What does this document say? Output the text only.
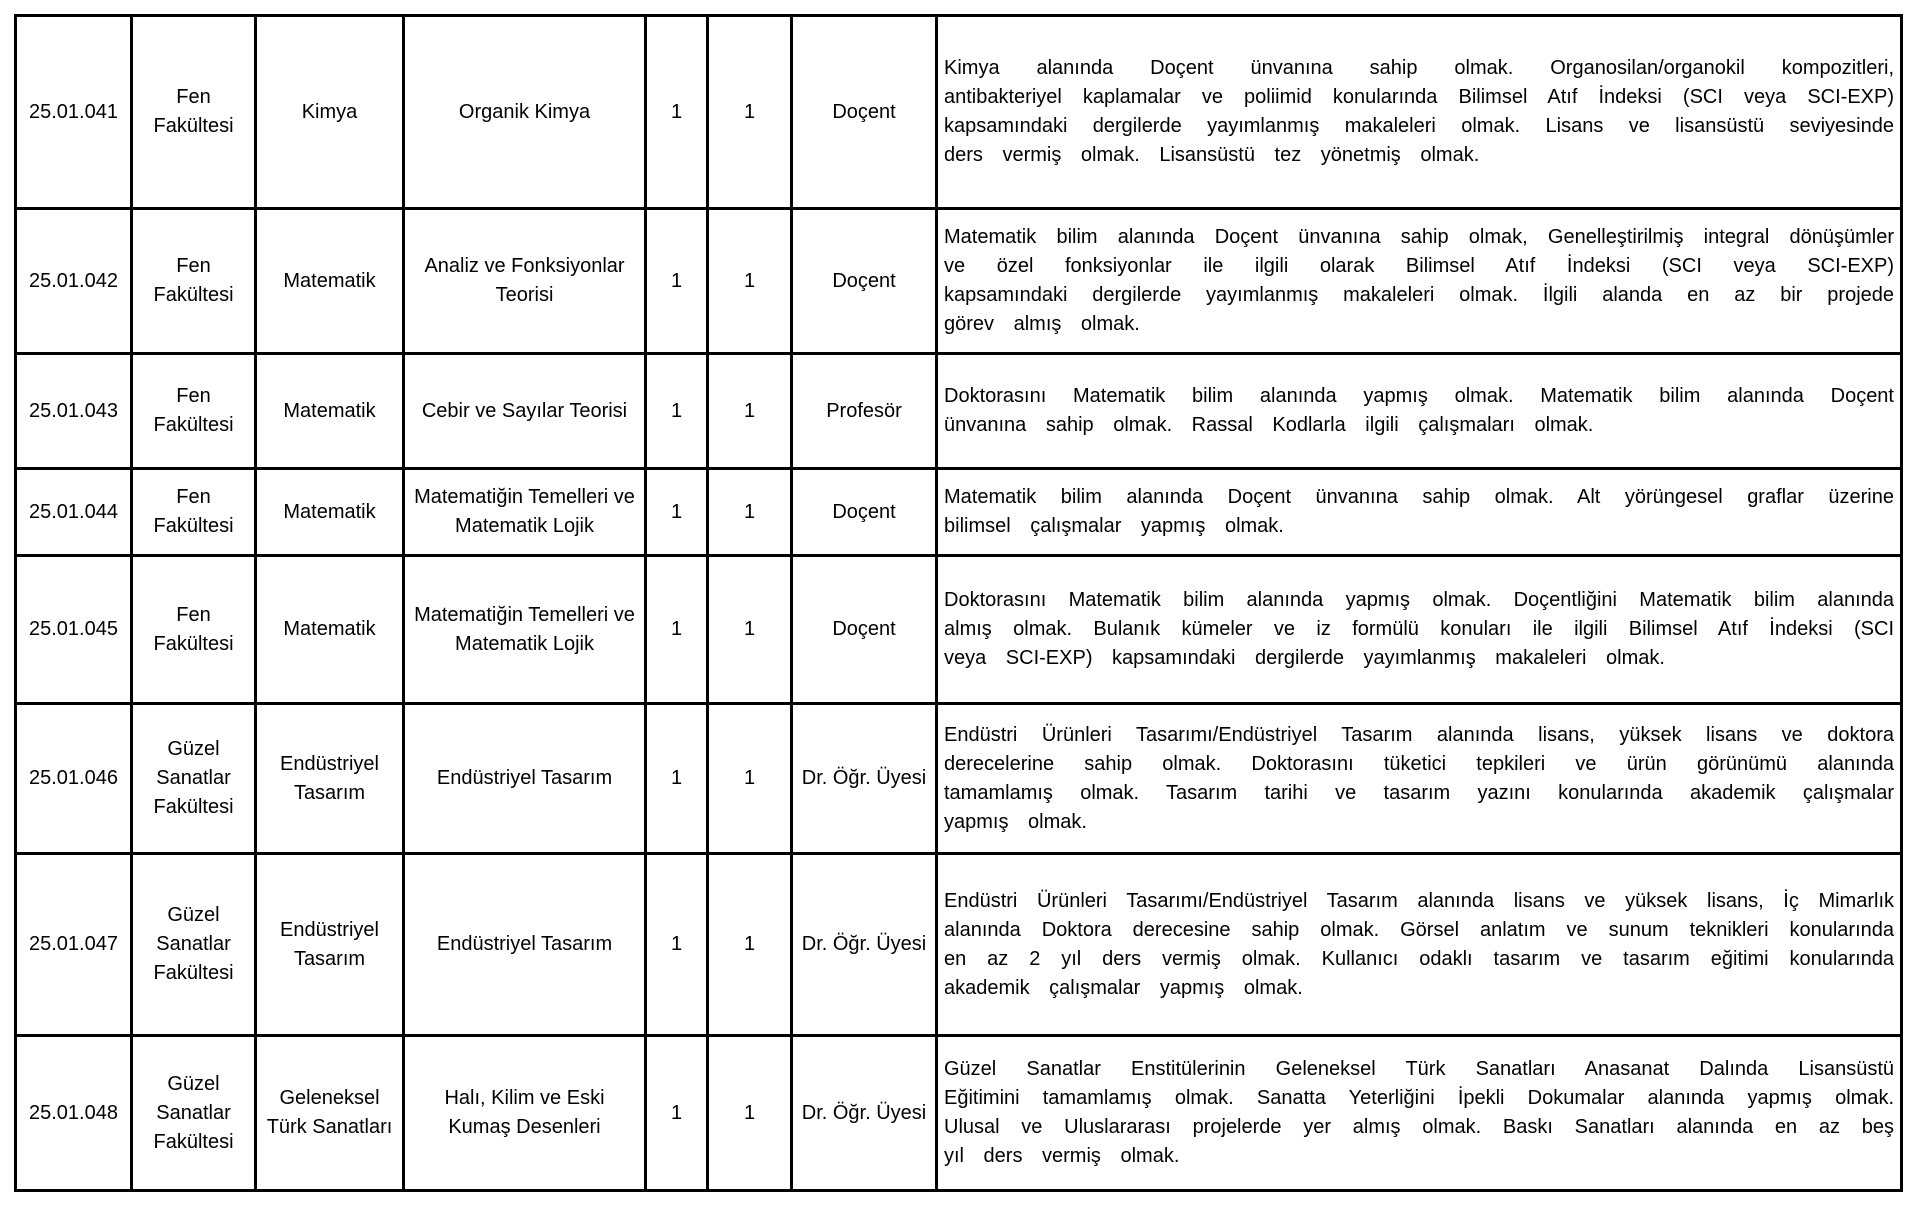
25.01.041	Fen Fakültesi	Kimya	Organik Kimya	1	1	Doçent	Kimya alanında Doçent ünvanına sahip olmak. Organosilan/organokil kompozitleri, antibakteriyel kaplamalar ve poliimid konularında Bilimsel Atıf İndeksi (SCI veya SCI-EXP) kapsamındaki dergilerde yayımlanmış makaleleri olmak. Lisans ve lisansüstü seviyesinde ders vermiş olmak. Lisansüstü tez yönetmiş olmak.
25.01.042	Fen Fakültesi	Matematik	Analiz ve Fonksiyonlar Teorisi	1	1	Doçent	Matematik bilim alanında Doçent ünvanına sahip olmak, Genelleştirilmiş integral dönüşümler ve özel fonksiyonlar ile ilgili olarak Bilimsel Atıf İndeksi (SCI veya SCI-EXP) kapsamındaki dergilerde yayımlanmış makaleleri olmak. İlgili alanda en az bir projede görev almış olmak.
25.01.043	Fen Fakültesi	Matematik	Cebir ve Sayılar Teorisi	1	1	Profesör	Doktorasını Matematik bilim alanında yapmış olmak. Matematik bilim alanında Doçent ünvanına sahip olmak. Rassal Kodlarla ilgili çalışmaları olmak.
25.01.044	Fen Fakültesi	Matematik	Matematiğin Temelleri ve Matematik Lojik	1	1	Doçent	Matematik bilim alanında Doçent ünvanına sahip olmak. Alt yörüngesel graflar üzerine bilimsel çalışmalar yapmış olmak.
25.01.045	Fen Fakültesi	Matematik	Matematiğin Temelleri ve Matematik Lojik	1	1	Doçent	Doktorasını Matematik bilim alanında yapmış olmak. Doçentliğini Matematik bilim alanında almış olmak. Bulanık kümeler ve iz formülü konuları ile ilgili Bilimsel Atıf İndeksi (SCI veya SCI-EXP) kapsamındaki dergilerde yayımlanmış makaleleri olmak.
25.01.046	Güzel Sanatlar Fakültesi	Endüstriyel Tasarım	Endüstriyel Tasarım	1	1	Dr. Öğr. Üyesi	Endüstri Ürünleri Tasarımı/Endüstriyel Tasarım alanında lisans, yüksek lisans ve doktora derecelerine sahip olmak. Doktorasını tüketici tepkileri ve ürün görünümü alanında tamamlamış olmak. Tasarım tarihi ve tasarım yazını konularında akademik çalışmalar yapmış olmak.
25.01.047	Güzel Sanatlar Fakültesi	Endüstriyel Tasarım	Endüstriyel Tasarım	1	1	Dr. Öğr. Üyesi	Endüstri Ürünleri Tasarımı/Endüstriyel Tasarım alanında lisans ve yüksek lisans, İç Mimarlık alanında Doktora derecesine sahip olmak. Görsel anlatım ve sunum teknikleri konularında en az 2 yıl ders vermiş olmak. Kullanıcı odaklı tasarım ve tasarım eğitimi konularında akademik çalışmalar yapmış olmak.
25.01.048	Güzel Sanatlar Fakültesi	Geleneksel Türk Sanatları	Halı, Kilim ve Eski Kumaş Desenleri	1	1	Dr. Öğr. Üyesi	Güzel Sanatlar Enstitülerinin Geleneksel Türk Sanatları Anasanat Dalında Lisansüstü Eğitimini tamamlamış olmak. Sanatta Yeterliğini İpekli Dokumalar alanında yapmış olmak. Ulusal ve Uluslararası projelerde yer almış olmak. Baskı Sanatları alanında en az beş yıl ders vermiş olmak.
